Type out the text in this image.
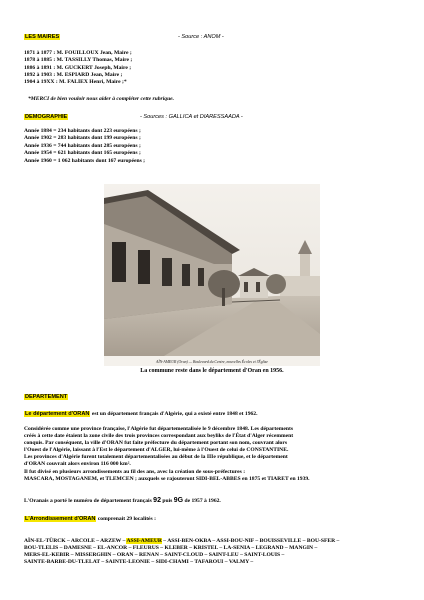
LES MAIRES	- Source : ANOM -
1871 à 1877 : M. FOUILLOUX Jean, Maire ;
1878 à 1885 : M. TASSILLY Thomas, Maire ;
1886 à 1891 : M. GUCKERT Joseph, Maire ;
1892 à 1903 : M. ESPIARD Jean, Maire ;
1904 à 19XX : M. FALIEX Henri, Maire ;*
*MERCI de bien vouloir nous aider à compléter cette rubrique.
DEMOGRAPHIE	- Sources : GALLICA et DIARESSAADA -
Année 1884 = 234 habitants dont 223 européens ;
Année 1902 = 283 habitants dont 199 européens ;
Année 1936 = 744 habitants dont 285 européens ;
Année 1954 = 621 habitants dont 165 européens ;
Année 1960 = 1 062 habitants dont 167 européens ;
AÏN-AMEUR (Oran) — Boulevard du Centre, nouvelles Écoles et l'Église
La commune reste dans le département d'Oran en 1956.
DEPARTEMENT
Le département d'ORAN est un département français d'Algérie, qui a existé entre 1848 et 1962.
Considérée comme une province française, l'Algérie fut départementalisée le 9 décembre 1848. Les départements
créés à cette date étaient la zone civile des trois provinces correspondant aux beyliks de l'État d'Alger récemment
conquis. Par conséquent, la ville d'ORAN fut faite préfecture du département portant son nom, couvrant alors
l'Ouest de l'Algérie, laissant à l'Est le département d'ALGER, lui-même à l'Ouest de celui de CONSTANTINE.
Les provinces d'Algérie furent totalement départementalisées au début de la IIIe république, et le département
d'ORAN couvrait alors environ 116 000 km².
Il fut divisé en plusieurs arrondissements au fil des ans, avec la création de sous-préfectures :
MASCARA, MOSTAGANEM, et TLEMCEN ; auxquels se rajouteront SIDI-BEL-ABBES en 1875 et TIARET en 1939.
L'Oranais a porté le numéro de département français 92 puis 9G de 1957 à 1962.
L'Arrondissement d'ORAN comprenait 29 localités :
AÏN-EL-TÜRCK – ARCOLE – ARZEW – ASSI-AMEUR – ASSI-BEN-OKBA – ASSI-BOU-NIF – BOUISSEVILLE – BOU-SFER –
BOU-TLELIS – DAMESNE – EL-ANCOR – FLEURUS – KLEBER – KRISTEL – LA-SENIA – LEGRAND – MANGIN –
MERS-EL-KEBIR – MISSERGHIN – ORAN – RENAN – SAINT-CLOUD – SAINT-LEU – SAINT-LOUIS –
SAINTE-BARBE-DU-TLELAT – SAINTE-LEONIE – SIDI-CHAMI – TAFAROUI – VALMY –
